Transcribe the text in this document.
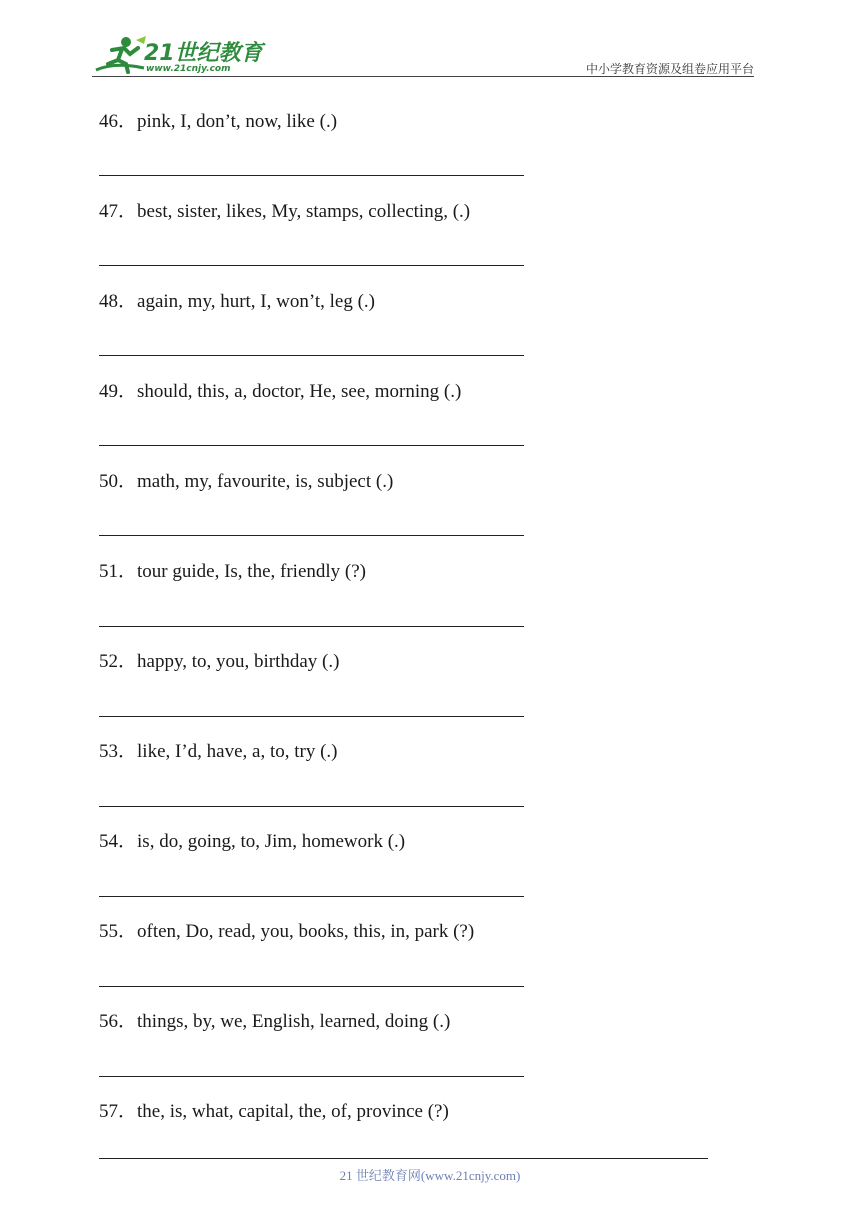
21世纪教育
www.21cnjy.com	中小学教育资源及组卷应用平台
46．pink, I, don’t, now, like (.)
47．best, sister, likes, My, stamps, collecting, (.)
48．again, my, hurt, I, won’t, leg (.)
49．should, this, a, doctor, He, see, morning (.)
50．math, my, favourite, is, subject (.)
51．tour guide, Is, the, friendly (?)
52．happy, to, you, birthday (.)
53．like, I’d, have, a, to, try (.)
54．is, do, going, to, Jim, homework (.)
55．often, Do, read, you, books, this, in, park (?)
56．things, by, we, English, learned, doing (.)
57．the, is, what, capital, the, of, province (?)
21 世纪教育网(www.21cnjy.com)
